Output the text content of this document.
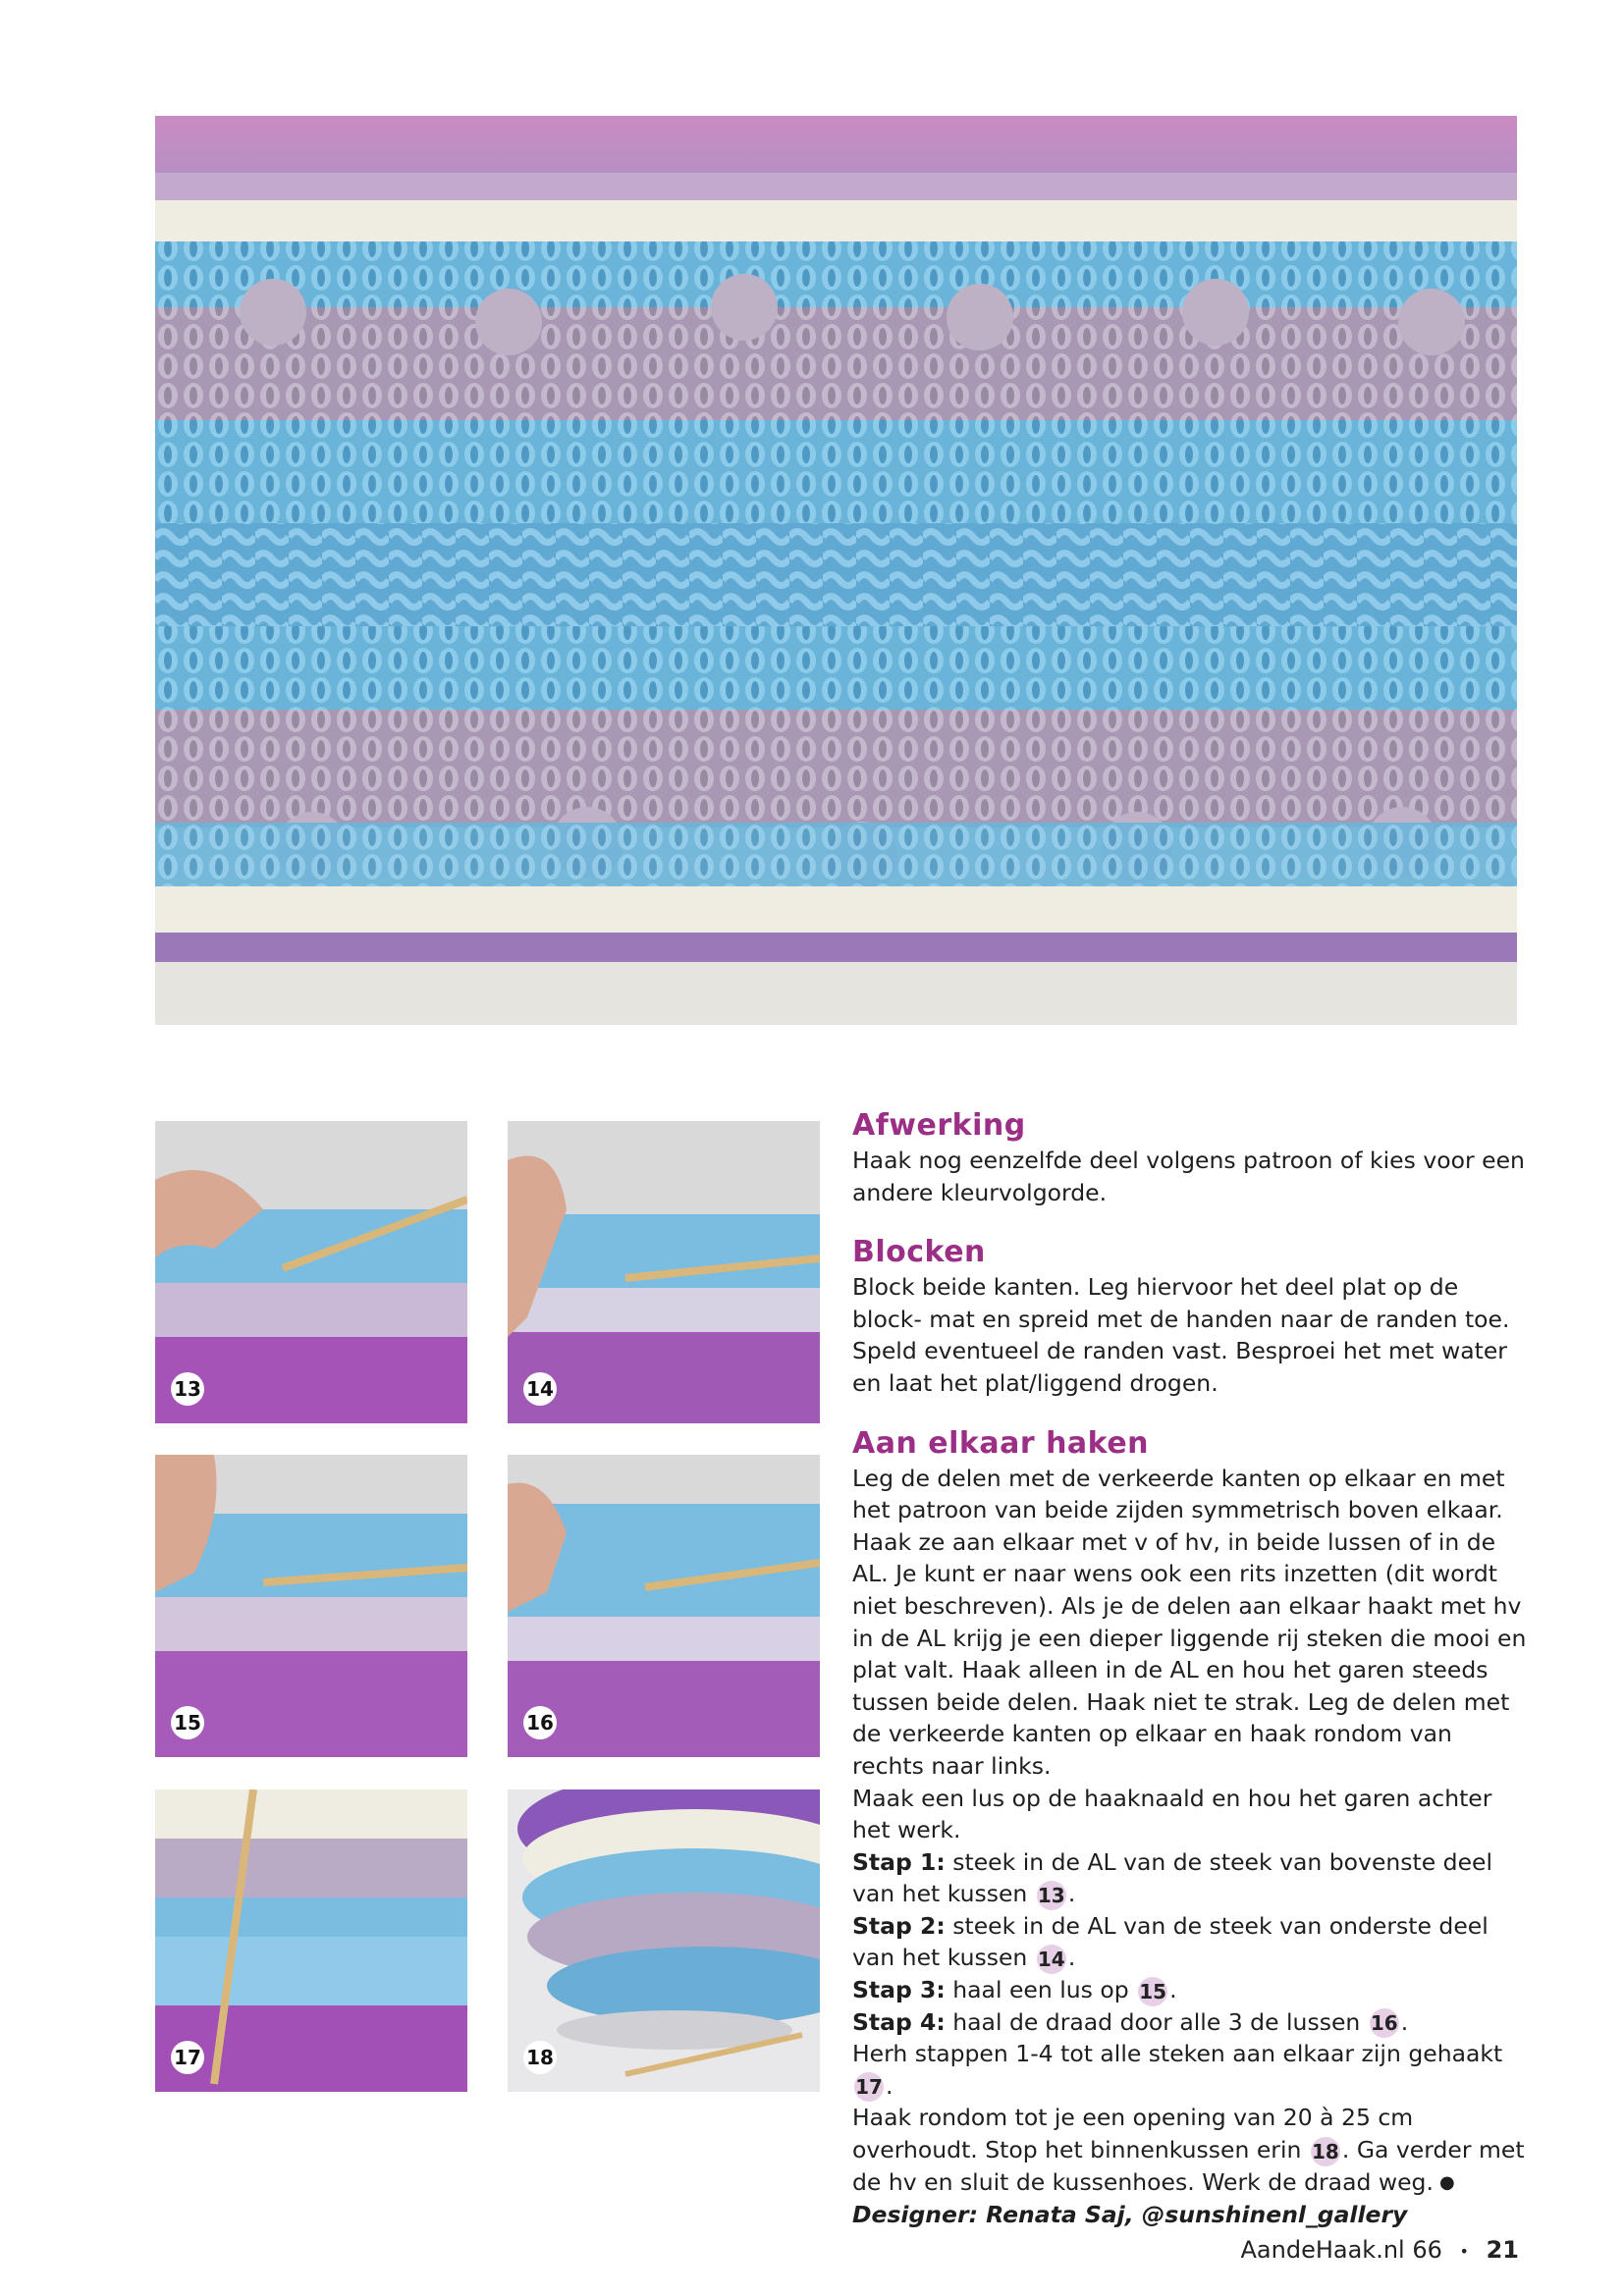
13	14
15	16
17	18
Afwerking

Haak nog eenzelfde deel volgens patroon of kies voor een andere kleurvolgorde.

Blocken

Block beide kanten. Leg hiervoor het deel plat op de block- mat en spreid met de handen naar de randen toe. Speld eventueel de randen vast. Besproei het met water en laat het plat/liggend drogen.

Aan elkaar haken

Leg de delen met de verkeerde kanten op elkaar en met het patroon van beide zijden symmetrisch boven elkaar. Haak ze aan elkaar met v of hv, in beide lussen of in de AL. Je kunt er naar wens ook een rits inzetten (dit wordt niet beschreven). Als je de delen aan elkaar haakt met hv in de AL krijg je een dieper liggende rij steken die mooi en plat valt. Haak alleen in de AL en hou het garen steeds tussen beide delen. Haak niet te strak. Leg de delen met de verkeerde kanten op elkaar en haak rondom van rechts naar links.

Maak een lus op de haaknaald en hou het garen achter het werk.

Stap 1: steek in de AL van de steek van bovenste deel van het kussen 13 .

Stap 2: steek in de AL van de steek van onderste deel van het kussen 14 .

Stap 3: haal een lus op 15 .

Stap 4: haal de draad door alle 3 de lussen 16 .

Herh stappen 1-4 tot alle steken aan elkaar zijn gehaakt 17 .

Haak rondom tot je een opening van 20 à 25 cm overhoudt. Stop het binnenkussen erin 18 . Ga verder met de hv en sluit de kussenhoes. Werk de draad weg. ●

Designer: Renata Saj, @sunshinenl_gallery

AandeHaak.nl 66 • 21
